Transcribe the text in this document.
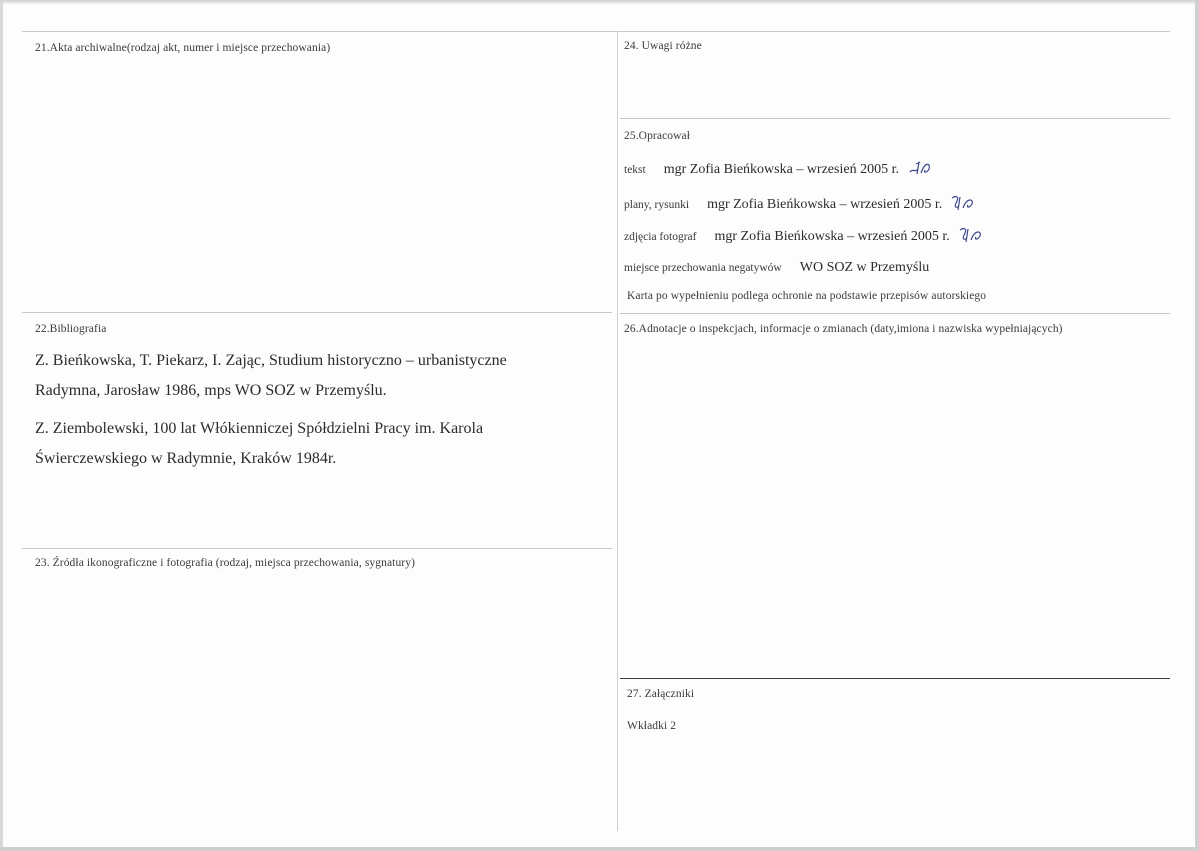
21.Akta archiwalne(rodzaj akt, numer i miejsce przechowania)
22.Bibliografia
Z. Bieńkowska, T. Piekarz, I. Zając, Studium historyczno – urbanistyczne
Radymna, Jarosław 1986, mps WO SOZ w Przemyślu.
Z. Ziembolewski, 100 lat Włókienniczej Spółdzielni Pracy im. Karola
Świerczewskiego w Radymnie, Kraków 1984r.
23. Źródła ikonograficzne i fotografia (rodzaj, miejsca przechowania, sygnatury)
24. Uwagi różne
25.Opracował
tekst mgr Zofia Bieńkowska – wrzesień 2005 r.
plany, rysunki mgr Zofia Bieńkowska – wrzesień 2005 r.
zdjęcia fotograf mgr Zofia Bieńkowska – wrzesień 2005 r.
miejsce przechowania negatywów WO SOZ w Przemyślu
Karta po wypełnieniu podlega ochronie na podstawie przepisów autorskiego
26.Adnotacje o inspekcjach, informacje o zmianach (daty,imiona i nazwiska wypełniających)
27. Załączniki
Wkładki 2
